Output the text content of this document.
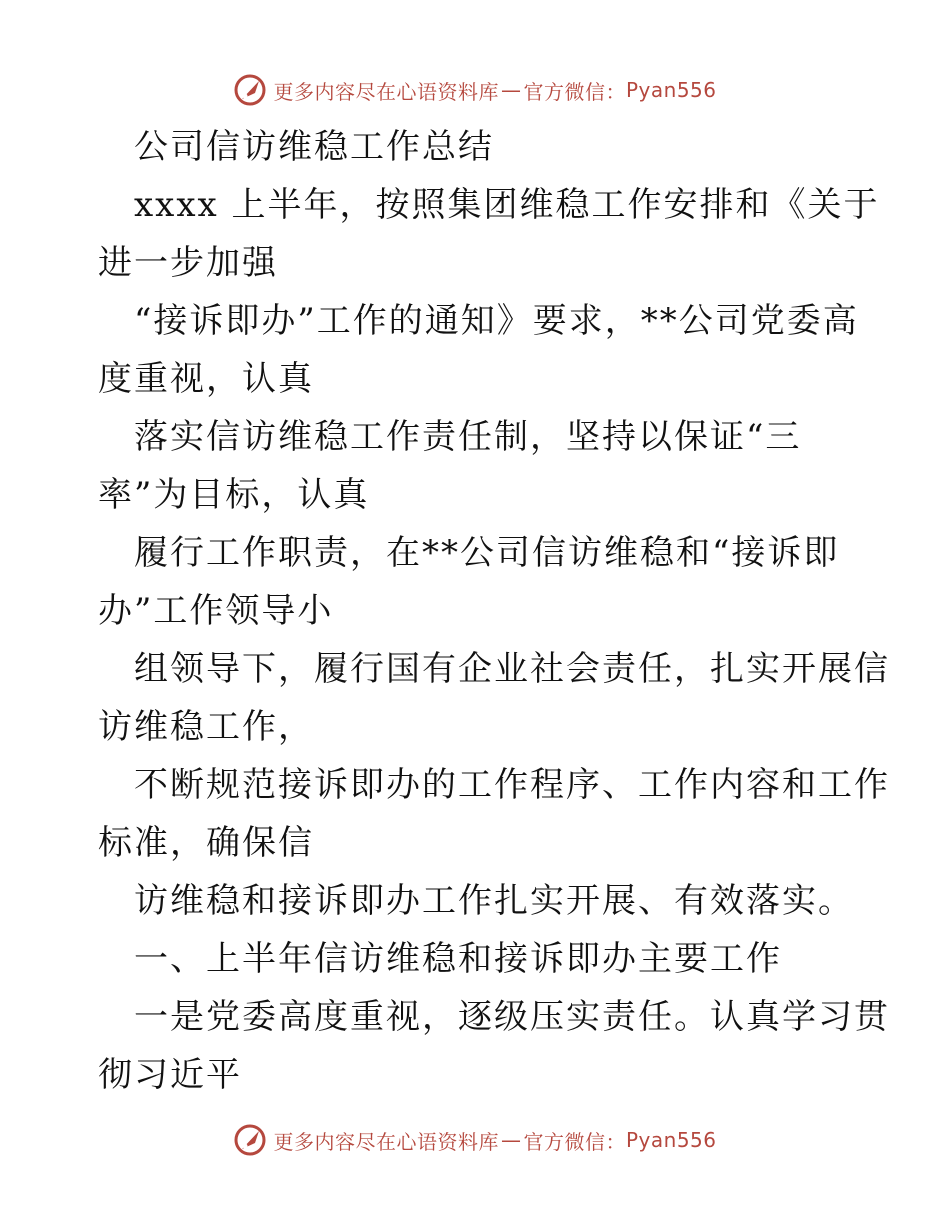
更多内容尽在心语资料库 — 官方微信： Pyan556
公司信访维稳工作总结
xxxx 上半年，按照集团维稳工作安排和《关于
进一步加强
“接诉即办”工作的通知》要求，**公司党委高
度重视，认真
落实信访维稳工作责任制，坚持以保证“三
率”为目标，认真
履行工作职责，在**公司信访维稳和“接诉即
办”工作领导小
组领导下，履行国有企业社会责任，扎实开展信
访维稳工作，
不断规范接诉即办的工作程序、工作内容和工作
标准，确保信
访维稳和接诉即办工作扎实开展、有效落实。
一、上半年信访维稳和接诉即办主要工作
一是党委高度重视，逐级压实责任。认真学习贯
彻习近平
更多内容尽在心语资料库 — 官方微信： Pyan556
